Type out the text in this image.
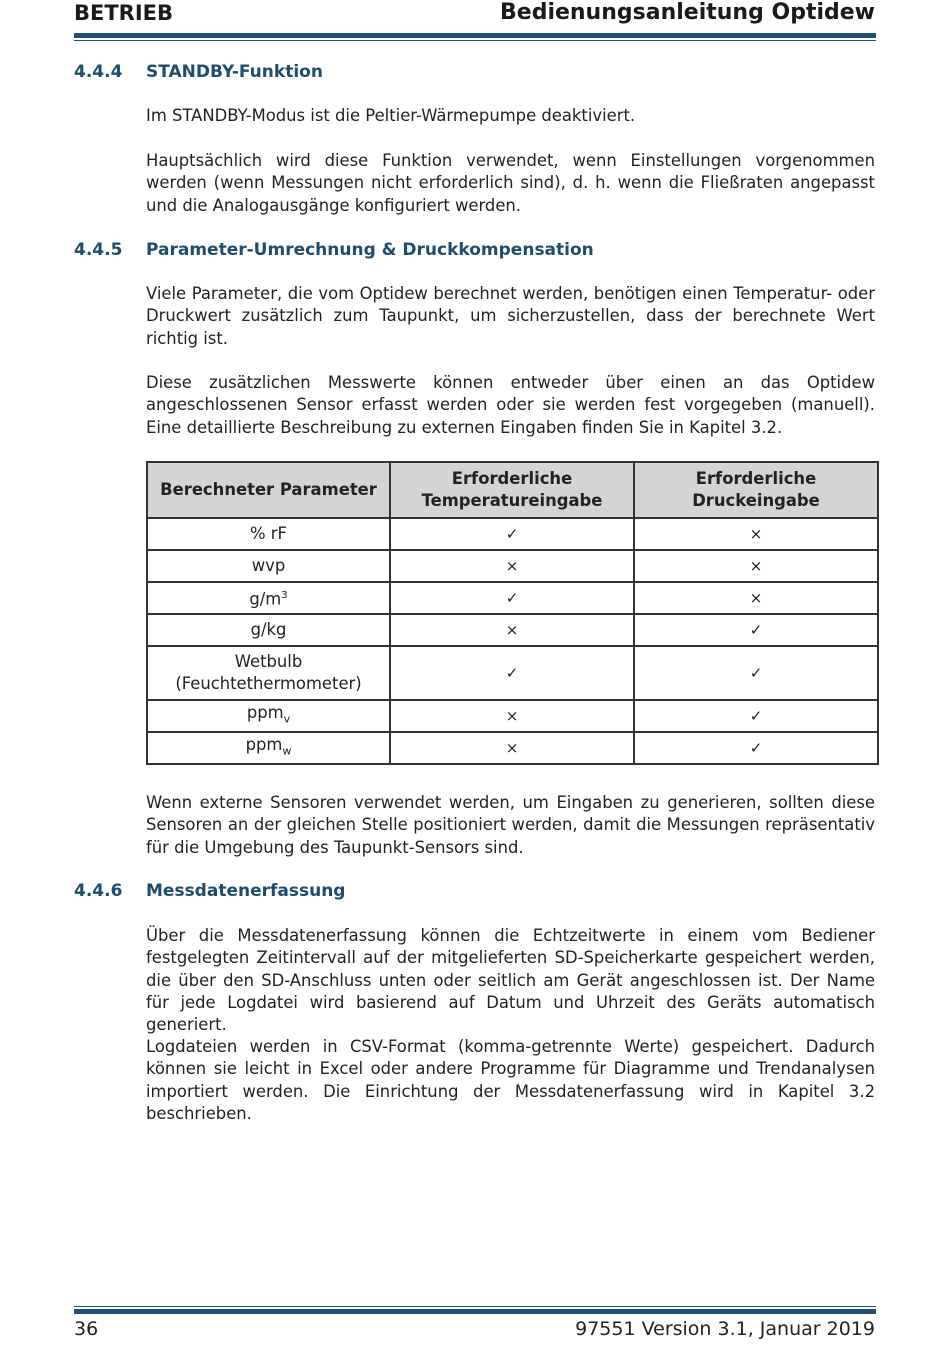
BETRIEB	Bedienungsanleitung Optidew
4.4.4 STANDBY-Funktion
Im STANDBY-Modus ist die Peltier-Wärmepumpe deaktiviert.
Hauptsächlich wird diese Funktion verwendet, wenn Einstellungen vorgenommen werden (wenn Messungen nicht erforderlich sind), d. h. wenn die Fließraten angepasst und die Analogausgänge konfiguriert werden.
4.4.5 Parameter-Umrechnung & Druckkompensation
Viele Parameter, die vom Optidew berechnet werden, benötigen einen Temperatur- oder Druckwert zusätzlich zum Taupunkt, um sicherzustellen, dass der berechnete Wert richtig ist.
Diese zusätzlichen Messwerte können entweder über einen an das Optidew angeschlossenen Sensor erfasst werden oder sie werden fest vorgegeben (manuell). Eine detaillierte Beschreibung zu externen Eingaben finden Sie in Kapitel 3.2.
Berechneter Parameter	Erforderliche Temperatureingabe	Erforderliche Druckeingabe
% rF	✓	×
wvp	×	×
$g/m^3$	✓	×
g/kg	×	✓
Wetbulb
(Feuchtethermometer)	✓	✓
ppm$_v$	×	✓
ppm$_w$	×	✓
Wenn externe Sensoren verwendet werden, um Eingaben zu generieren, sollten diese Sensoren an der gleichen Stelle positioniert werden, damit die Messungen repräsentativ für die Umgebung des Taupunkt-Sensors sind.
4.4.6 Messdatenerfassung
Über die Messdatenerfassung können die Echtzeitwerte in einem vom Bediener festgelegten Zeitintervall auf der mitgelieferten SD-Speicherkarte gespeichert werden, die über den SD-Anschluss unten oder seitlich am Gerät angeschlossen ist. Der Name für jede Logdatei wird basierend auf Datum und Uhrzeit des Geräts automatisch generiert.
Logdateien werden in CSV-Format (komma-getrennte Werte) gespeichert. Dadurch können sie leicht in Excel oder andere Programme für Diagramme und Trendanalysen importiert werden. Die Einrichtung der Messdatenerfassung wird in Kapitel 3.2 beschrieben.
36	97551 Version 3.1, Januar 2019
